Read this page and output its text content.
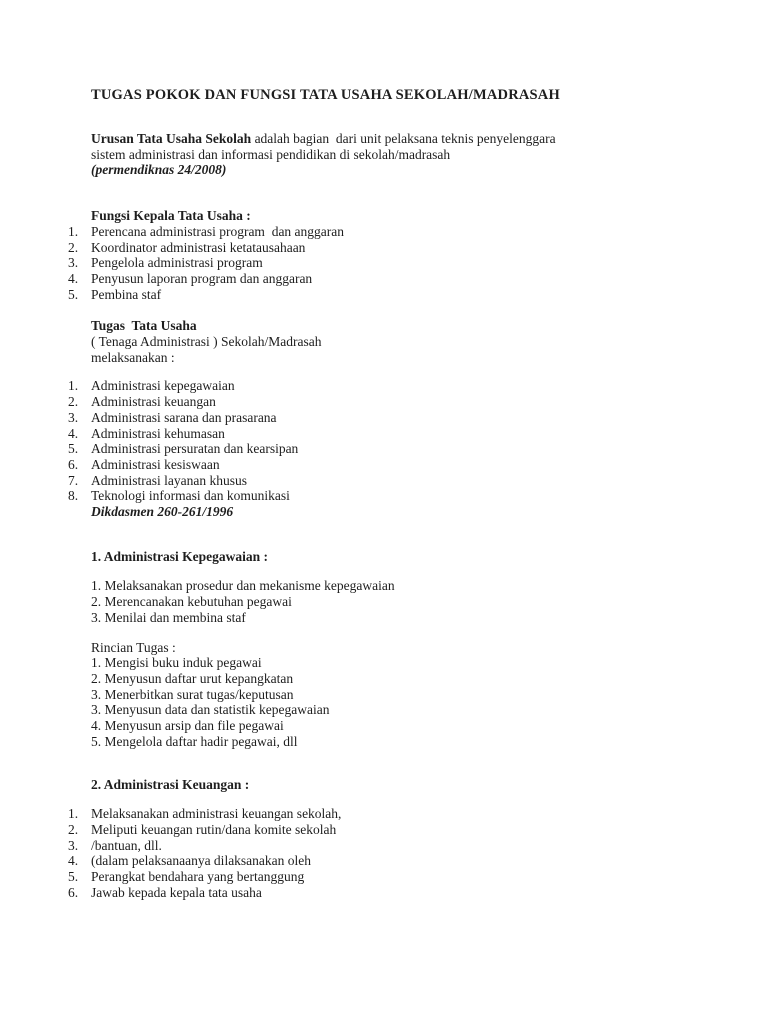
TUGAS POKOK DAN FUNGSI TATA USAHA SEKOLAH/MADRASAH
Urusan Tata Usaha Sekolah adalah bagian  dari unit pelaksana teknis penyelenggara
sistem administrasi dan informasi pendidikan di sekolah/madrasah
(permendiknas 24/2008)
Fungsi Kepala Tata Usaha :
1. Perencana administrasi program  dan anggaran
2. Koordinator administrasi ketatausahaan
3. Pengelola administrasi program
4. Penyusun laporan program dan anggaran
5. Pembina staf
Tugas  Tata Usaha
( Tenaga Administrasi ) Sekolah/Madrasah
melaksanakan :
1. Administrasi kepegawaian
2. Administrasi keuangan
3. Administrasi sarana dan prasarana
4. Administrasi kehumasan
5. Administrasi persuratan dan kearsipan
6. Administrasi kesiswaan
7. Administrasi layanan khusus
8. Teknologi informasi dan komunikasi
Dikdasmen 260-261/1996
1. Administrasi Kepegawaian :
1. Melaksanakan prosedur dan mekanisme kepegawaian
2. Merencanakan kebutuhan pegawai
3. Menilai dan membina staf
Rincian Tugas :
1. Mengisi buku induk pegawai
2. Menyusun daftar urut kepangkatan
3. Menerbitkan surat tugas/keputusan
3. Menyusun data dan statistik kepegawaian
4. Menyusun arsip dan file pegawai
5. Mengelola daftar hadir pegawai, dll
2. Administrasi Keuangan :
1. Melaksanakan administrasi keuangan sekolah,
2. Meliputi keuangan rutin/dana komite sekolah
3. /bantuan, dll.
4. (dalam pelaksanaanya dilaksanakan oleh
5. Perangkat bendahara yang bertanggung
6. Jawab kepada kepala tata usaha
